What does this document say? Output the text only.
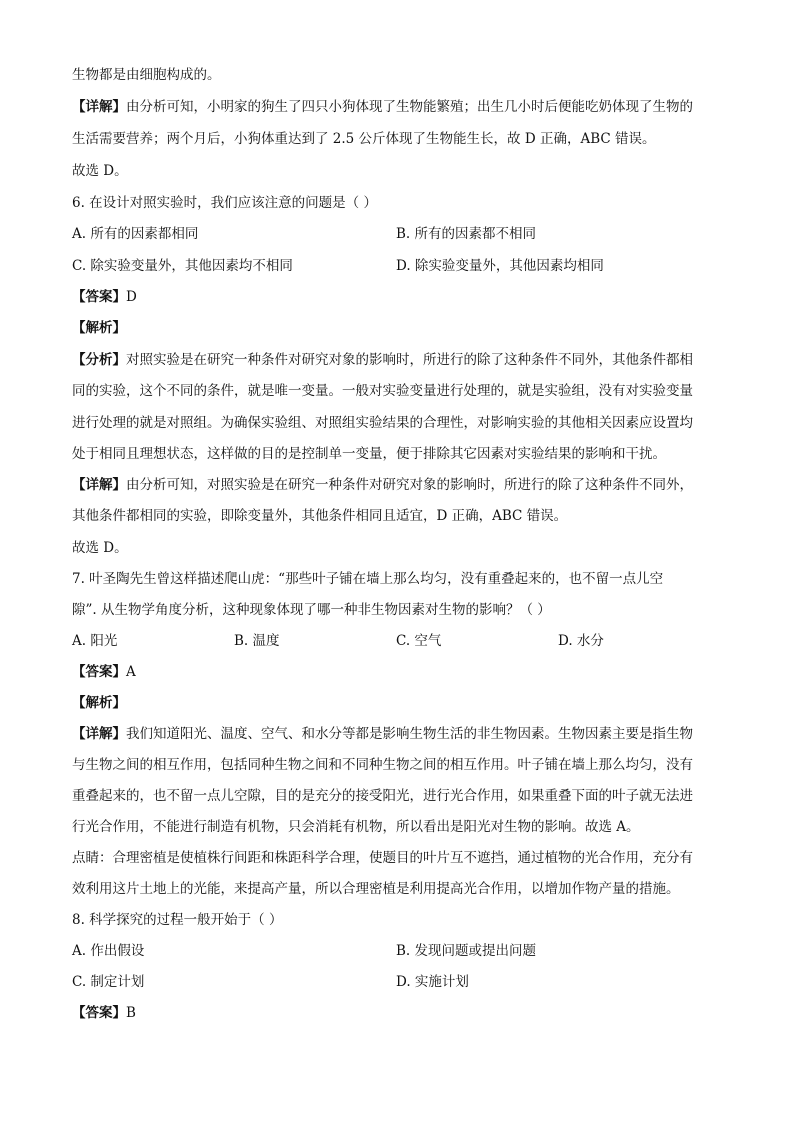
生物都是由细胞构成的。
【详解】由分析可知，小明家的狗生了四只小狗体现了生物能繁殖；出生几小时后便能吃奶体现了生物的
生活需要营养；两个月后，小狗体重达到了 2.5 公斤体现了生物能生长，故 D 正确，ABC 错误。
故选 D。
6. 在设计对照实验时，我们应该注意的问题是（ ）
A. 所有的因素都相同	B. 所有的因素都不相同
C. 除实验变量外，其他因素均不相同	D. 除实验变量外，其他因素均相同
【答案】D
【解析】
【分析】对照实验是在研究一种条件对研究对象的影响时，所进行的除了这种条件不同外，其他条件都相
同的实验，这个不同的条件，就是唯一变量。一般对实验变量进行处理的，就是实验组，没有对实验变量
进行处理的就是对照组。为确保实验组、对照组实验结果的合理性，对影响实验的其他相关因素应设置均
处于相同且理想状态，这样做的目的是控制单一变量，便于排除其它因素对实验结果的影响和干扰。
【详解】由分析可知，对照实验是在研究一种条件对研究对象的影响时，所进行的除了这种条件不同外，
其他条件都相同的实验，即除变量外，其他条件相同且适宜，D 正确，ABC 错误。
故选 D。
7. 叶圣陶先生曾这样描述爬山虎：“那些叶子铺在墙上那么均匀，没有重叠起来的，也不留一点儿空
隙”. 从生物学角度分析，这种现象体现了哪一种非生物因素对生物的影响？（ ）
A. 阳光	B. 温度	C. 空气	D. 水分
【答案】A
【解析】
【详解】我们知道阳光、温度、空气、和水分等都是影响生物生活的非生物因素。生物因素主要是指生物
与生物之间的相互作用，包括同种生物之间和不同种生物之间的相互作用。叶子铺在墙上那么均匀，没有
重叠起来的，也不留一点儿空隙，目的是充分的接受阳光，进行光合作用，如果重叠下面的叶子就无法进
行光合作用，不能进行制造有机物，只会消耗有机物，所以看出是阳光对生物的影响。故选 A。
点睛：合理密植是使植株行间距和株距科学合理，使题目的叶片互不遮挡，通过植物的光合作用，充分有
效利用这片土地上的光能，来提高产量，所以合理密植是利用提高光合作用，以增加作物产量的措施。
8. 科学探究的过程一般开始于（ ）
A. 作出假设	B. 发现问题或提出问题
C. 制定计划	D. 实施计划
【答案】B
